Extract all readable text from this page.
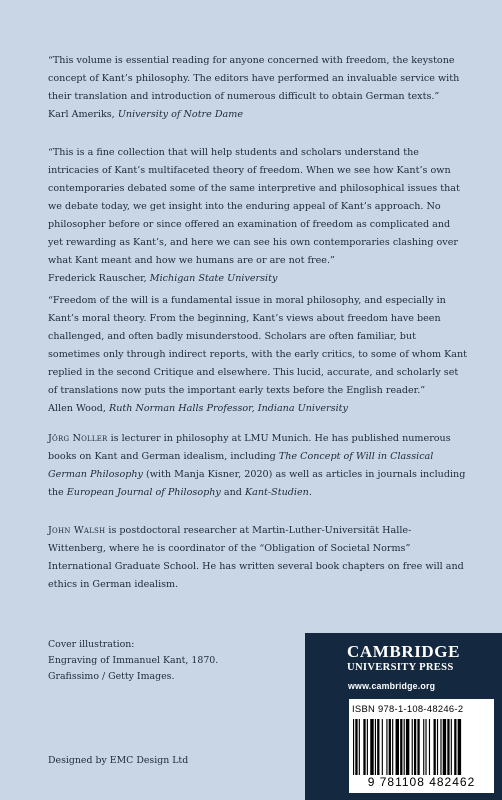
“This volume is essential reading for anyone concerned with freedom, the keystone concept of Kant’s philosophy. The editors have performed an invaluable service with their translation and introduction of numerous difficult to obtain German texts.”

Karl Ameriks, University of Notre Dame

“This is a fine collection that will help students and scholars understand the intricacies of Kant’s multifaceted theory of freedom. When we see how Kant’s own contemporaries debated some of the same interpretive and philosophical issues that we debate today, we get insight into the enduring appeal of Kant’s approach. No philosopher before or since offered an examination of freedom as complicated and yet rewarding as Kant’s, and here we can see his own contemporaries clashing over what Kant meant and how we humans are or are not free.”

Frederick Rauscher, Michigan State University

“Freedom of the will is a fundamental issue in moral philosophy, and especially in Kant’s moral theory. From the beginning, Kant’s views about freedom have been challenged, and often badly misunderstood. Scholars are often familiar, but sometimes only through indirect reports, with the early critics, to some of whom Kant replied in the second Critique and elsewhere. This lucid, accurate, and scholarly set of translations now puts the important early texts before the English reader.”

Allen Wood, Ruth Norman Halls Professor, Indiana University

Jörg Noller is lecturer in philosophy at LMU Munich. He has published numerous books on Kant and German idealism, including The Concept of Will in Classical German Philosophy (with Manja Kisner, 2020) as well as articles in journals including the European Journal of Philosophy and Kant-Studien.

John Walsh is postdoctoral researcher at Martin-Luther-Universität Halle-Wittenberg, where he is coordinator of the “Obligation of Societal Norms” International Graduate School. He has written several book chapters on free will and ethics in German idealism.

Cover illustration:
Engraving of Immanuel Kant, 1870.
Grafissimo / Getty Images.
Designed by EMC Design Ltd
CAMBRIDGE
UNIVERSITY PRESS
www.cambridge.org
ISBN 978-1-108-48246-2
9 781108 482462
